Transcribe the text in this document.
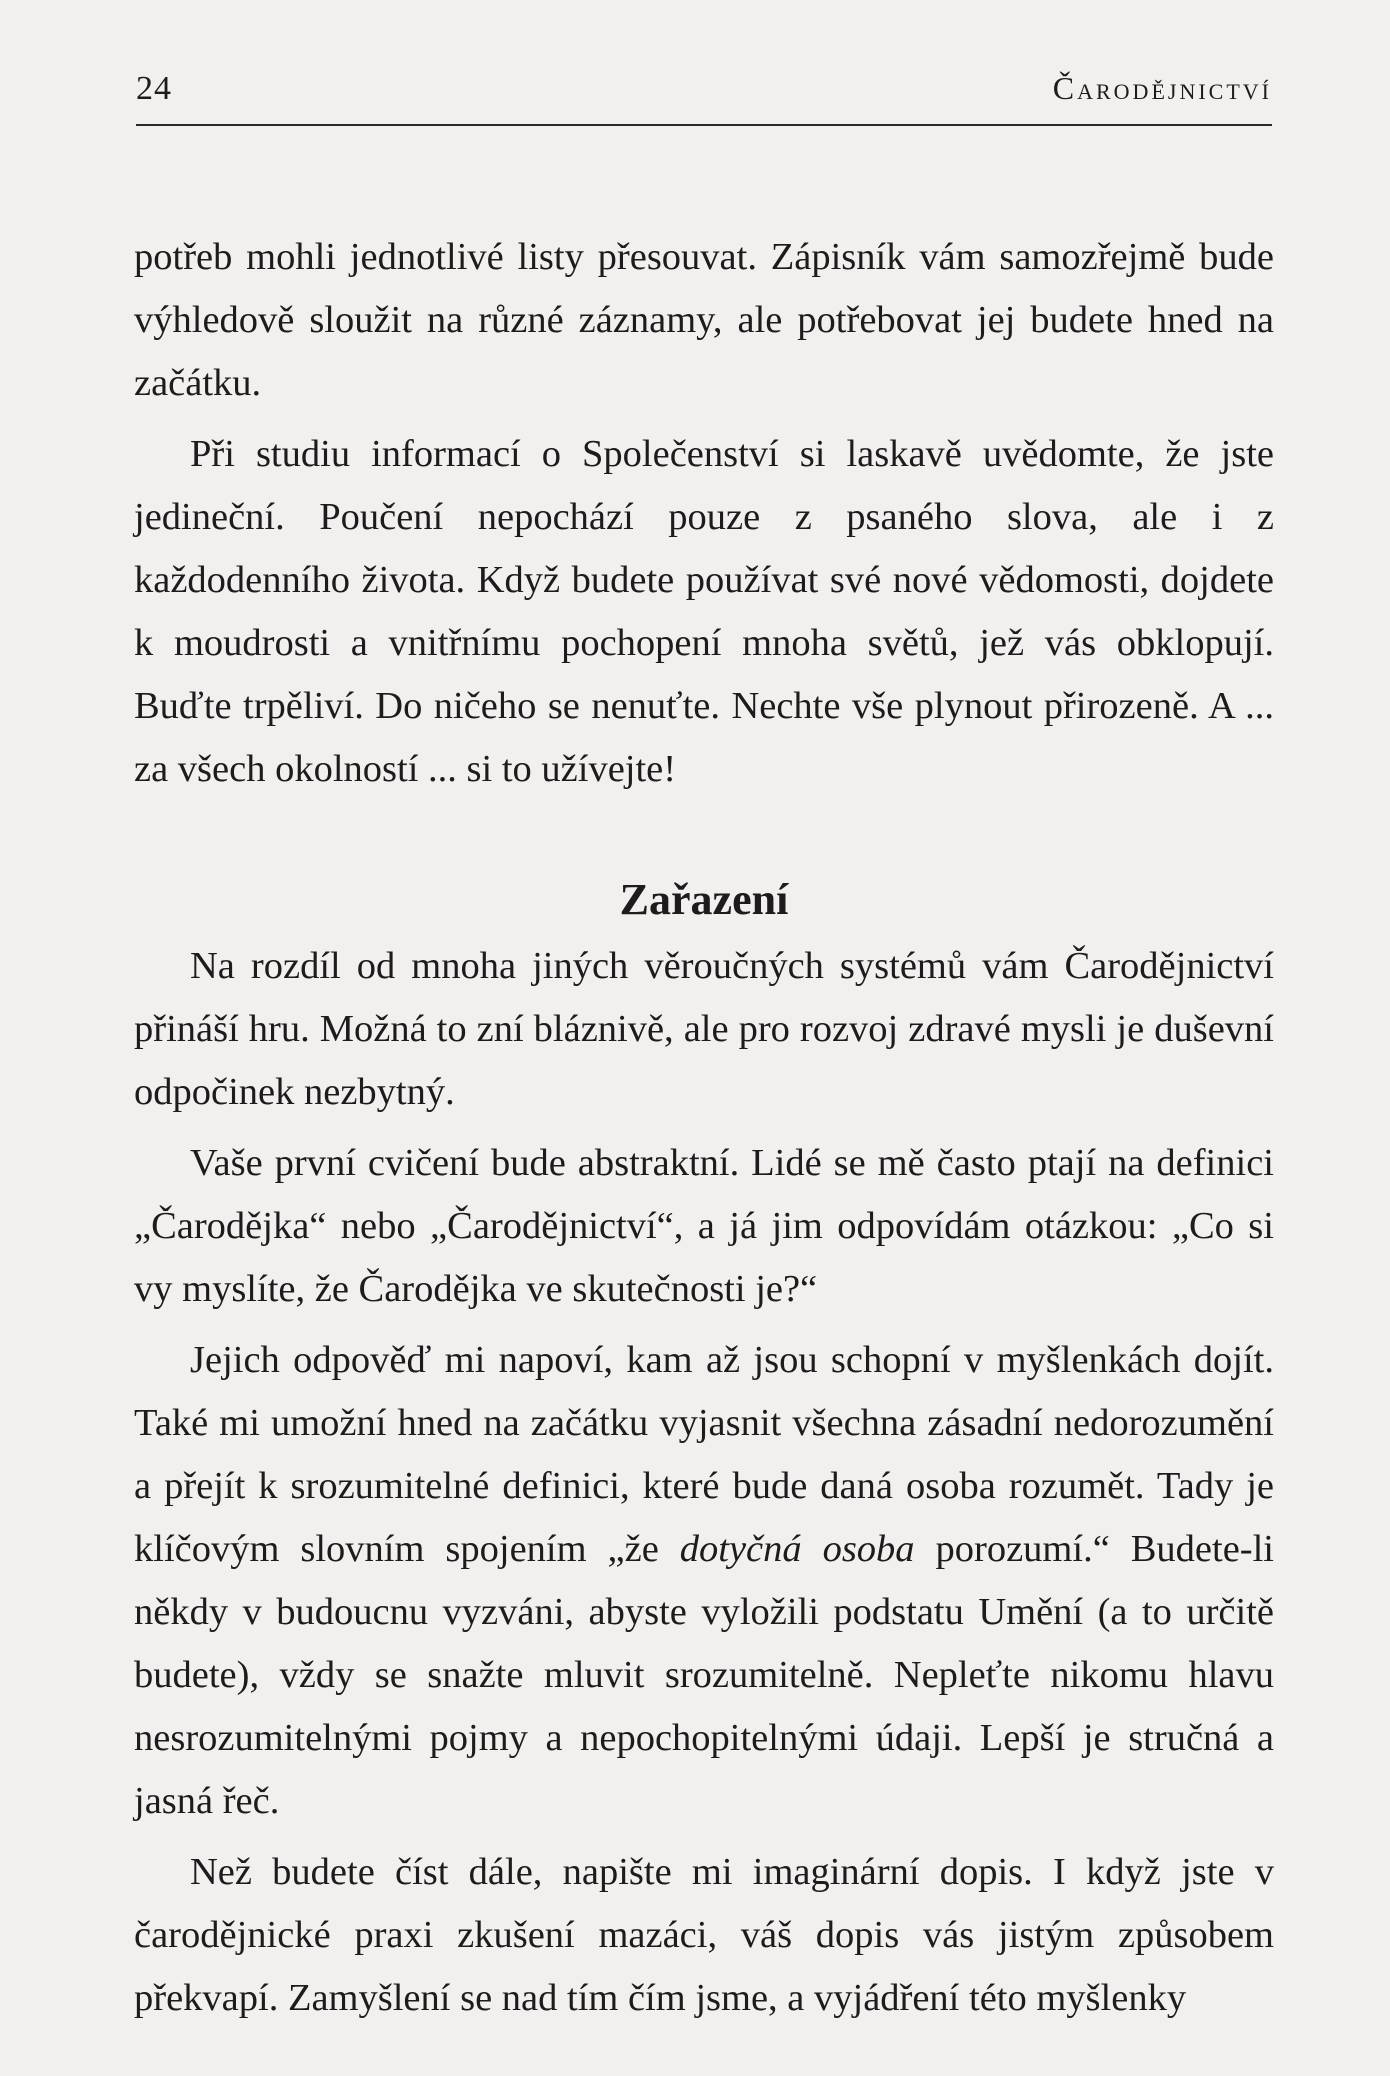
24	Čarodějnictví

potřeb mohli jednotlivé listy přesouvat. Zápisník vám samozřejmě bude výhledově sloužit na různé záznamy, ale potřebovat jej budete hned na začátku.

Při studiu informací o Společenství si laskavě uvědomte, že jste jedineční. Poučení nepochází pouze z psaného slova, ale i z každodenního života. Když budete používat své nové vědomosti, dojdete k moudrosti a vnitřnímu pochopení mnoha světů, jež vás obklopují. Buďte trpěliví. Do ničeho se nenuťte. Nechte vše plynout přirozeně. A ... za všech okolností ... si to užívejte!

Zařazení

Na rozdíl od mnoha jiných věroučných systémů vám Čarodějnictví přináší hru. Možná to zní bláznivě, ale pro rozvoj zdravé mysli je duševní odpočinek nezbytný.

Vaše první cvičení bude abstraktní. Lidé se mě často ptají na definici „Čarodějka“ nebo „Čarodějnictví“, a já jim odpovídám otázkou: „Co si vy myslíte, že Čarodějka ve skutečnosti je?“

Jejich odpověď mi napoví, kam až jsou schopní v myšlenkách dojít. Také mi umožní hned na začátku vyjasnit všechna zásadní nedorozumění a přejít k srozumitelné definici, které bude daná osoba rozumět. Tady je klíčovým slovním spojením „že dotyčná osoba porozumí.“ Budete-li někdy v budoucnu vyzváni, abyste vyložili podstatu Umění (a to určitě budete), vždy se snažte mluvit srozumitelně. Nepleťte nikomu hlavu nesrozumitelnými pojmy a nepochopitelnými údaji. Lepší je stručná a jasná řeč.

Než budete číst dále, napište mi imaginární dopis. I když jste v čarodějnické praxi zkušení mazáci, váš dopis vás jistým způsobem překvapí. Zamyšlení se nad tím čím jsme, a vyjádření této myšlenky
